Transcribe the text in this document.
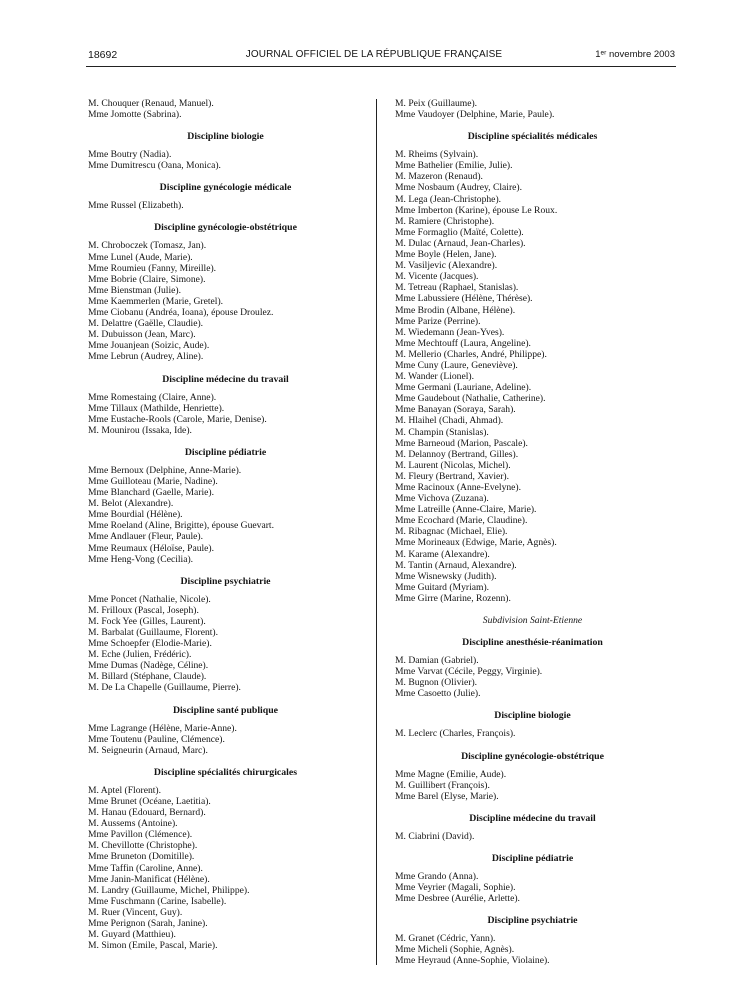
18692	JOURNAL OFFICIEL DE LA RÉPUBLIQUE FRANÇAISE	1ᵉʳ novembre 2003
M. Chouquer (Renaud, Manuel).
Mme Jomotte (Sabrina).
Discipline biologie
Mme Boutry (Nadia).
Mme Dumitrescu (Oana, Monica).
Discipline gynécologie médicale
Mme Russel (Elizabeth).
Discipline gynécologie-obstétrique
M. Chroboczek (Tomasz, Jan).
Mme Lunel (Aude, Marie).
Mme Roumieu (Fanny, Mireille).
Mme Bobrie (Claire, Simone).
Mme Bienstman (Julie).
Mme Kaemmerlen (Marie, Gretel).
Mme Ciobanu (Andréa, Ioana), épouse Droulez.
M. Delattre (Gaëlle, Claudie).
M. Dubuisson (Jean, Marc).
Mme Jouanjean (Soizic, Aude).
Mme Lebrun (Audrey, Aline).
Discipline médecine du travail
Mme Romestaing (Claire, Anne).
Mme Tillaux (Mathilde, Henriette).
Mme Eustache-Rools (Carole, Marie, Denise).
M. Mounirou (Issaka, Ide).
Discipline pédiatrie
Mme Bernoux (Delphine, Anne-Marie).
Mme Guilloteau (Marie, Nadine).
Mme Blanchard (Gaelle, Marie).
M. Belot (Alexandre).
Mme Bourdial (Hélène).
Mme Roeland (Aline, Brigitte), épouse Guevart.
Mme Andlauer (Fleur, Paule).
Mme Reumaux (Héloïse, Paule).
Mme Heng-Vong (Cecilia).
Discipline psychiatrie
Mme Poncet (Nathalie, Nicole).
M. Frilloux (Pascal, Joseph).
M. Fock Yee (Gilles, Laurent).
M. Barbalat (Guillaume, Florent).
Mme Schoepfer (Elodie-Marie).
M. Eche (Julien, Frédéric).
Mme Dumas (Nadège, Céline).
M. Billard (Stéphane, Claude).
M. De La Chapelle (Guillaume, Pierre).
Discipline santé publique
Mme Lagrange (Hélène, Marie-Anne).
Mme Toutenu (Pauline, Clémence).
M. Seigneurin (Arnaud, Marc).
Discipline spécialités chirurgicales
M. Aptel (Florent).
Mme Brunet (Océane, Laetitia).
M. Hanau (Edouard, Bernard).
M. Aussems (Antoine).
Mme Pavillon (Clémence).
M. Chevillotte (Christophe).
Mme Bruneton (Domitille).
Mme Taffin (Caroline, Anne).
Mme Janin-Manificat (Hélène).
M. Landry (Guillaume, Michel, Philippe).
Mme Fuschmann (Carine, Isabelle).
M. Ruer (Vincent, Guy).
Mme Perignon (Sarah, Janine).
M. Guyard (Matthieu).
M. Simon (Emile, Pascal, Marie).
M. Peix (Guillaume).
Mme Vaudoyer (Delphine, Marie, Paule).
Discipline spécialités médicales
M. Rheims (Sylvain).
Mme Bathelier (Emilie, Julie).
M. Mazeron (Renaud).
Mme Nosbaum (Audrey, Claire).
M. Lega (Jean-Christophe).
Mme Imberton (Karine), épouse Le Roux.
M. Ramiere (Christophe).
Mme Formaglio (Maïté, Colette).
M. Dulac (Arnaud, Jean-Charles).
Mme Boyle (Helen, Jane).
M. Vasiljevic (Alexandre).
M. Vicente (Jacques).
M. Tetreau (Raphael, Stanislas).
Mme Labussiere (Hélène, Thérèse).
Mme Brodin (Albane, Hélène).
Mme Parize (Perrine).
M. Wiedemann (Jean-Yves).
Mme Mechtouff (Laura, Angeline).
M. Mellerio (Charles, André, Philippe).
Mme Cuny (Laure, Geneviève).
M. Wander (Lionel).
Mme Germani (Lauriane, Adeline).
Mme Gaudebout (Nathalie, Catherine).
Mme Banayan (Soraya, Sarah).
M. Hlaihel (Chadi, Ahmad).
M. Champin (Stanislas).
Mme Barneoud (Marion, Pascale).
M. Delannoy (Bertrand, Gilles).
M. Laurent (Nicolas, Michel).
M. Fleury (Bertrand, Xavier).
Mme Racinoux (Anne-Evelyne).
Mme Vichova (Zuzana).
Mme Latreille (Anne-Claire, Marie).
Mme Ecochard (Marie, Claudine).
M. Ribagnac (Michael, Elie).
Mme Morineaux (Edwige, Marie, Agnès).
M. Karame (Alexandre).
M. Tantin (Arnaud, Alexandre).
Mme Wisnewsky (Judith).
Mme Guitard (Myriam).
Mme Girre (Marine, Rozenn).
Subdivision Saint-Etienne
Discipline anesthésie-réanimation
M. Damian (Gabriel).
Mme Varvat (Cécile, Peggy, Virginie).
M. Bugnon (Olivier).
Mme Casoetto (Julie).
Discipline biologie
M. Leclerc (Charles, François).
Discipline gynécologie-obstétrique
Mme Magne (Emilie, Aude).
M. Guillibert (François).
Mme Barel (Elyse, Marie).
Discipline médecine du travail
M. Ciabrini (David).
Discipline pédiatrie
Mme Grando (Anna).
Mme Veyrier (Magali, Sophie).
Mme Desbree (Aurélie, Arlette).
Discipline psychiatrie
M. Granet (Cédric, Yann).
Mme Micheli (Sophie, Agnès).
Mme Heyraud (Anne-Sophie, Violaine).
